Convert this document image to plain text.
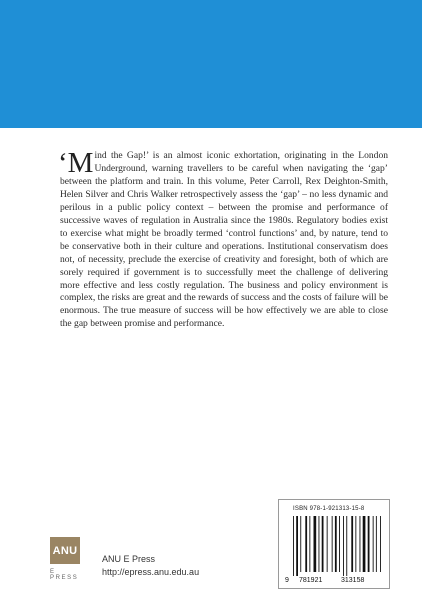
‘Mind the Gap!’ is an almost iconic exhortation, originating in the London Underground, warning travellers to be careful when navigating the ‘gap’ between the platform and train. In this volume, Peter Carroll, Rex Deighton-Smith, Helen Silver and Chris Walker retrospectively assess the ‘gap’ – no less dynamic and perilous in a public policy context – between the promise and performance of successive waves of regulation in Australia since the 1980s. Regulatory bodies exist to exercise what might be broadly termed ‘control functions’ and, by nature, tend to be conservative both in their culture and operations. Institutional conservatism does not, of necessity, preclude the exercise of creativity and foresight, both of which are sorely required if government is to successfully meet the challenge of delivering more effective and less costly regulation. The business and policy environment is complex, the risks are great and the rewards of success and the costs of failure will be enormous. The true measure of success will be how effectively we are able to close the gap between promise and performance.

ANU
E PRESS
ANU E Press
http://epress.anu.edu.au
ISBN 978-1-921313-15-8
9 781921	313158
